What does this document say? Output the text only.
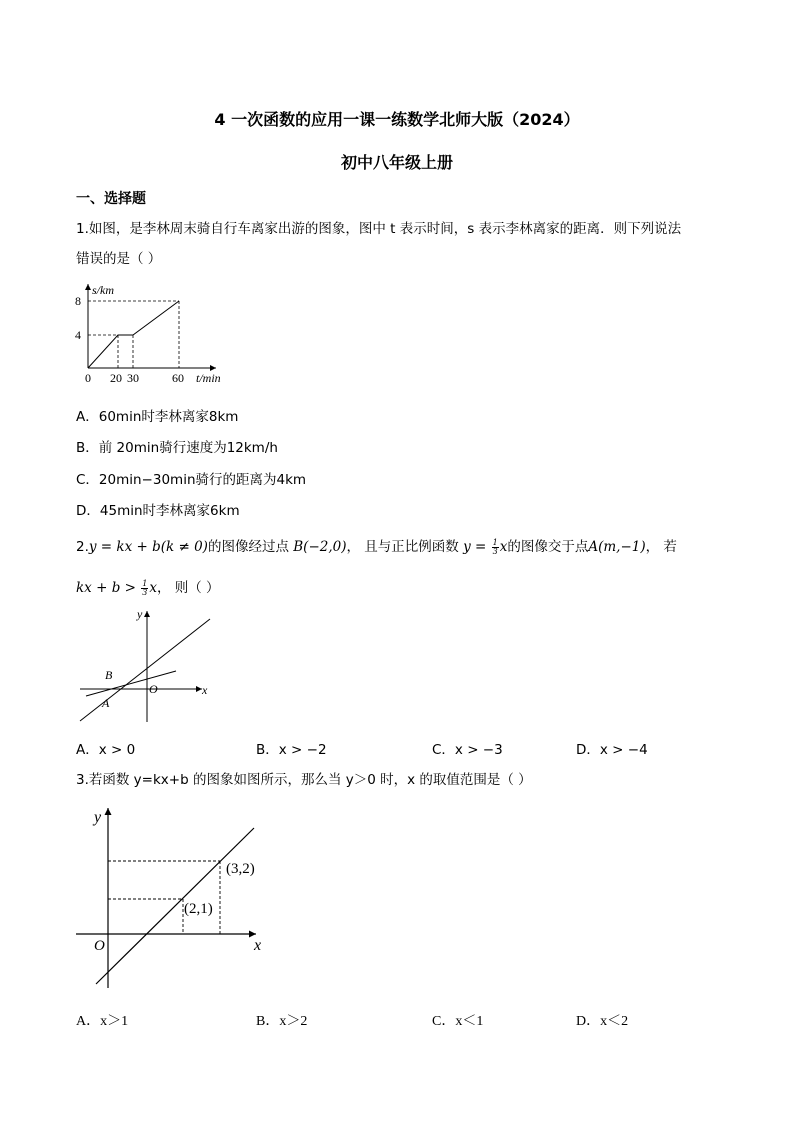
4 一次函数的应用一课一练数学北师大版（2024）
初中八年级上册
一、选择题
1.如图，是李林周末骑自行车离家出游的图象，图中 t 表示时间，s 表示李林离家的距离．则下列说法
错误的是（ ）
s/km
8
4
0 20 30	60 t/min
A．60min时李林离家8km
B．前 20min骑行速度为12km/h
C．20min−30min骑行的距离为4km
D．45min时李林离家6km
2.y = kx + b(k ≠ 0)的图像经过点 B(−2,0)， 且与正比例函数 $y = \frac{1}{3}$ x的图像交于点A(m,−1)， 若
kx + $b > \frac{1}{3}$ x， 则（ ）
y
x
O
B
A
A．x > 0	B．x > −2	C．x > −3	D．x > −4
3.若函数 y=kx+b 的图象如图所示，那么当 y＞0 时，x 的取值范围是（ ）
y
x
O
(2,1)
(3,2)
A．x＞1	B．x＞2	C．x＜1	D．x＜2
